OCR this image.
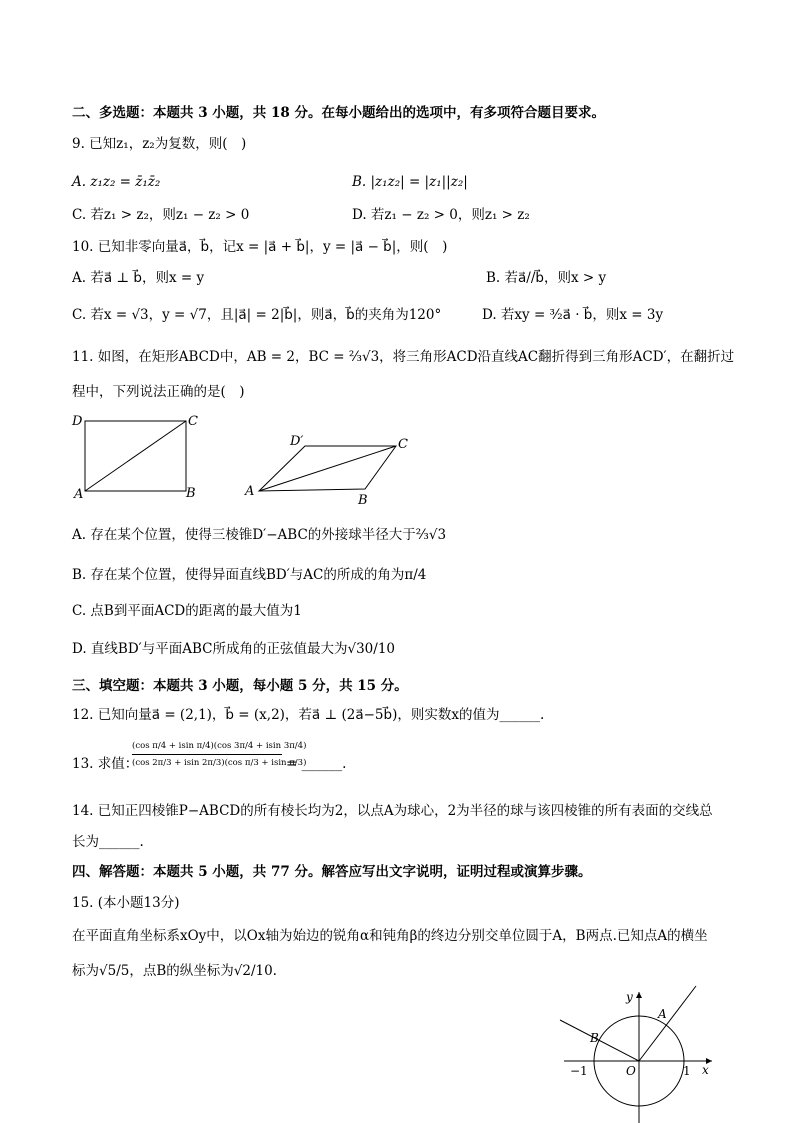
二、多选题：本题共 3 小题，共 18 分。在每小题给出的选项中，有多项符合题目要求。
9. 已知z₁，z₂为复数，则(　)
A. z₁z₂ = z̄₁z̄₂	B. |z₁z₂| = |z₁||z₂|
C. 若z₁ > z₂，则z₁ − z₂ > 0	D. 若z₁ − z₂ > 0，则z₁ > z₂
10. 已知非零向量a⃗，b⃗，记x = |a⃗ + b⃗|，y = |a⃗ − b⃗|，则(　)
A. 若a⃗ ⊥ b⃗，则x = y	B. 若a⃗//b⃗，则x > y
C. 若x = √3，y = √7，且|a⃗| = 2|b⃗|，则a⃗，b⃗的夹角为120°	D. 若xy = ³⁄₂a⃗ · b⃗，则x = 3y
11. 如图，在矩形ABCD中，AB = 2，BC = ⅔√3，将三角形ACD沿直线AC翻折得到三角形ACD′，在翻折过
程中，下列说法正确的是(　)
D	C
A	B
D′	C
A
B
A. 存在某个位置，使得三棱锥D′−ABC的外接球半径大于⅔√3
B. 存在某个位置，使得异面直线BD′与AC的所成的角为π/4
C. 点B到平面ACD的距离的最大值为1
D. 直线BD′与平面ABC所成角的正弦值最大为√30/10
三、填空题：本题共 3 小题，每小题 5 分，共 15 分。
12. 已知向量a⃗ = (2,1)，b⃗ = (x,2)，若a⃗ ⊥ (2a⃗−5b⃗)，则实数x的值为______.
13. 求值：
(cos π/4 + isin π/4)(cos 3π/4 + isin 3π/4)
(cos 2π/3 + isin 2π/3)(cos π/3 + isin π/3)
= ______.
14. 已知正四棱锥P−ABCD的所有棱长均为2，以点A为球心，2为半径的球与该四棱锥的所有表面的交线总
长为______.
四、解答题：本题共 5 小题，共 77 分。解答应写出文字说明，证明过程或演算步骤。
15. (本小题13分)
在平面直角坐标系xOy中，以Ox轴为始边的锐角α和钝角β的终边分别交单位圆于A，B两点.已知点A的横坐
标为√5/5，点B的纵坐标为√2/10.
y
x
A
B
O
−1	1
